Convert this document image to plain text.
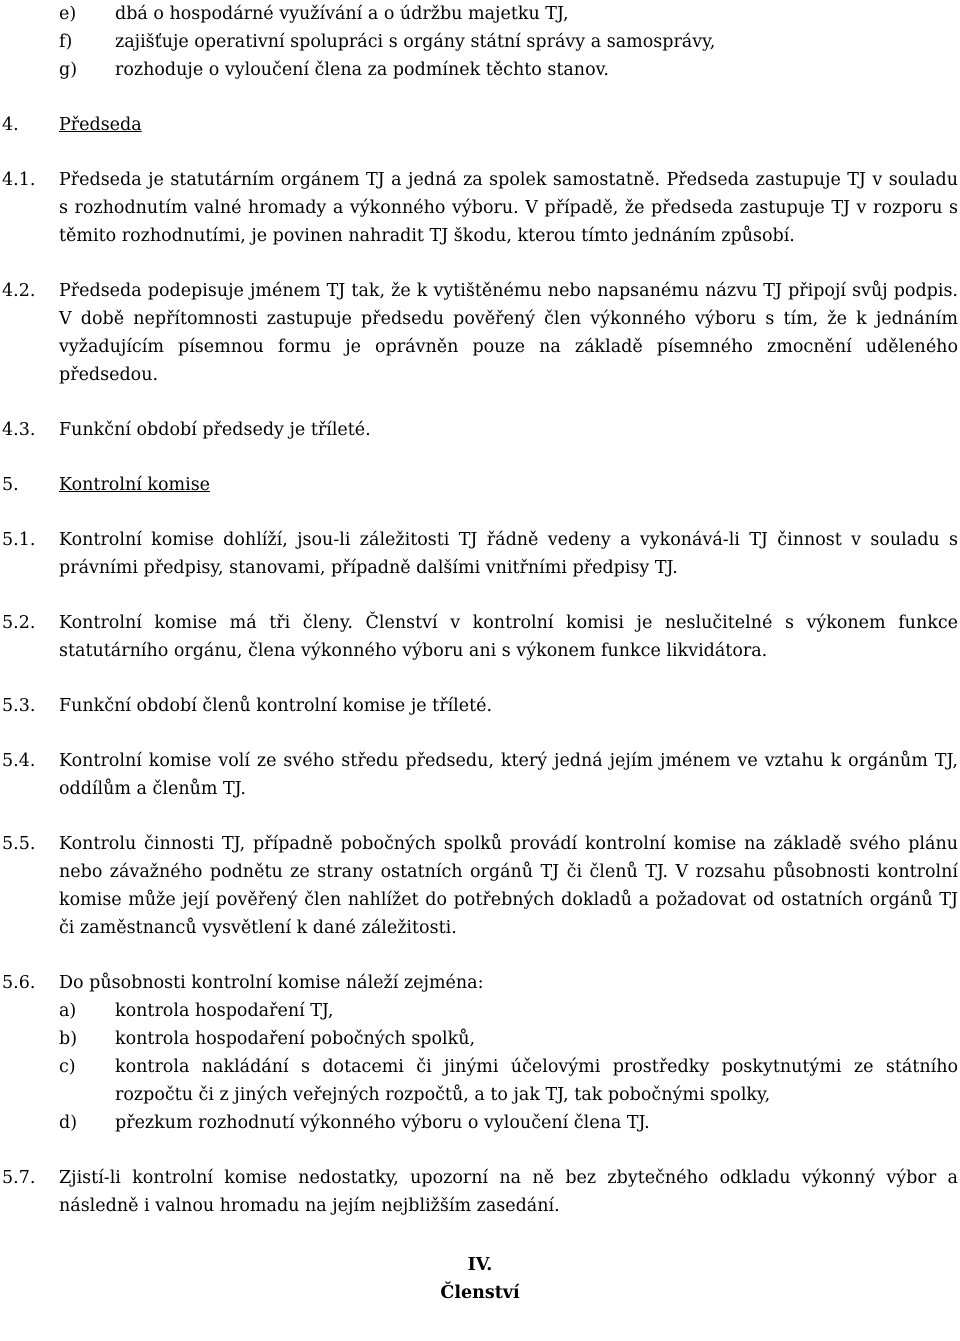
e)	dbá o hospodárné využívání a o údržbu majetku TJ,
f)	zajišťuje operativní spolupráci s orgány státní správy a samosprávy,
g)	rozhoduje o vyloučení člena za podmínek těchto stanov.
4.	Předseda
4.1.	Předseda je statutárním orgánem TJ a jedná za spolek samostatně. Předseda zastupuje TJ v souladu s rozhodnutím valné hromady a výkonného výboru. V případě, že předseda zastupuje TJ v rozporu s těmito rozhodnutími, je povinen nahradit TJ škodu, kterou tímto jednáním způsobí.
4.2.	Předseda podepisuje jménem TJ tak, že k vytištěnému nebo napsanému názvu TJ připojí svůj podpis. V době nepřítomnosti zastupuje předsedu pověřený člen výkonného výboru s tím, že k jednáním vyžadujícím písemnou formu je oprávněn pouze na základě písemného zmocnění uděleného předsedou.
4.3.	Funkční období předsedy je tříleté.
5.	Kontrolní komise
5.1.	Kontrolní komise dohlíží, jsou-li záležitosti TJ řádně vedeny a vykonává-li TJ činnost v souladu s právními předpisy, stanovami, případně dalšími vnitřními předpisy TJ.
5.2.	Kontrolní komise má tři členy. Členství v kontrolní komisi je neslučitelné s výkonem funkce statutárního orgánu, člena výkonného výboru ani s výkonem funkce likvidátora.
5.3.	Funkční období členů kontrolní komise je tříleté.
5.4.	Kontrolní komise volí ze svého středu předsedu, který jedná jejím jménem ve vztahu k orgánům TJ, oddílům a členům TJ.
5.5.	Kontrolu činnosti TJ, případně pobočných spolků provádí kontrolní komise na základě svého plánu nebo závažného podnětu ze strany ostatních orgánů TJ či členů TJ. V rozsahu působnosti kontrolní komise může její pověřený člen nahlížet do potřebných dokladů a požadovat od ostatních orgánů TJ či zaměstnanců vysvětlení k dané záležitosti.
5.6.	Do působnosti kontrolní komise náleží zejména:
a)	kontrola hospodaření TJ,
b)	kontrola hospodaření pobočných spolků,
c)	kontrola nakládání s dotacemi či jinými účelovými prostředky poskytnutými ze státního rozpočtu či z jiných veřejných rozpočtů, a to jak TJ, tak pobočnými spolky,
d)	přezkum rozhodnutí výkonného výboru o vyloučení člena TJ.
5.7.	Zjistí-li kontrolní komise nedostatky, upozorní na ně bez zbytečného odkladu výkonný výbor a následně i valnou hromadu na jejím nejbližším zasedání.
IV.
Členství
